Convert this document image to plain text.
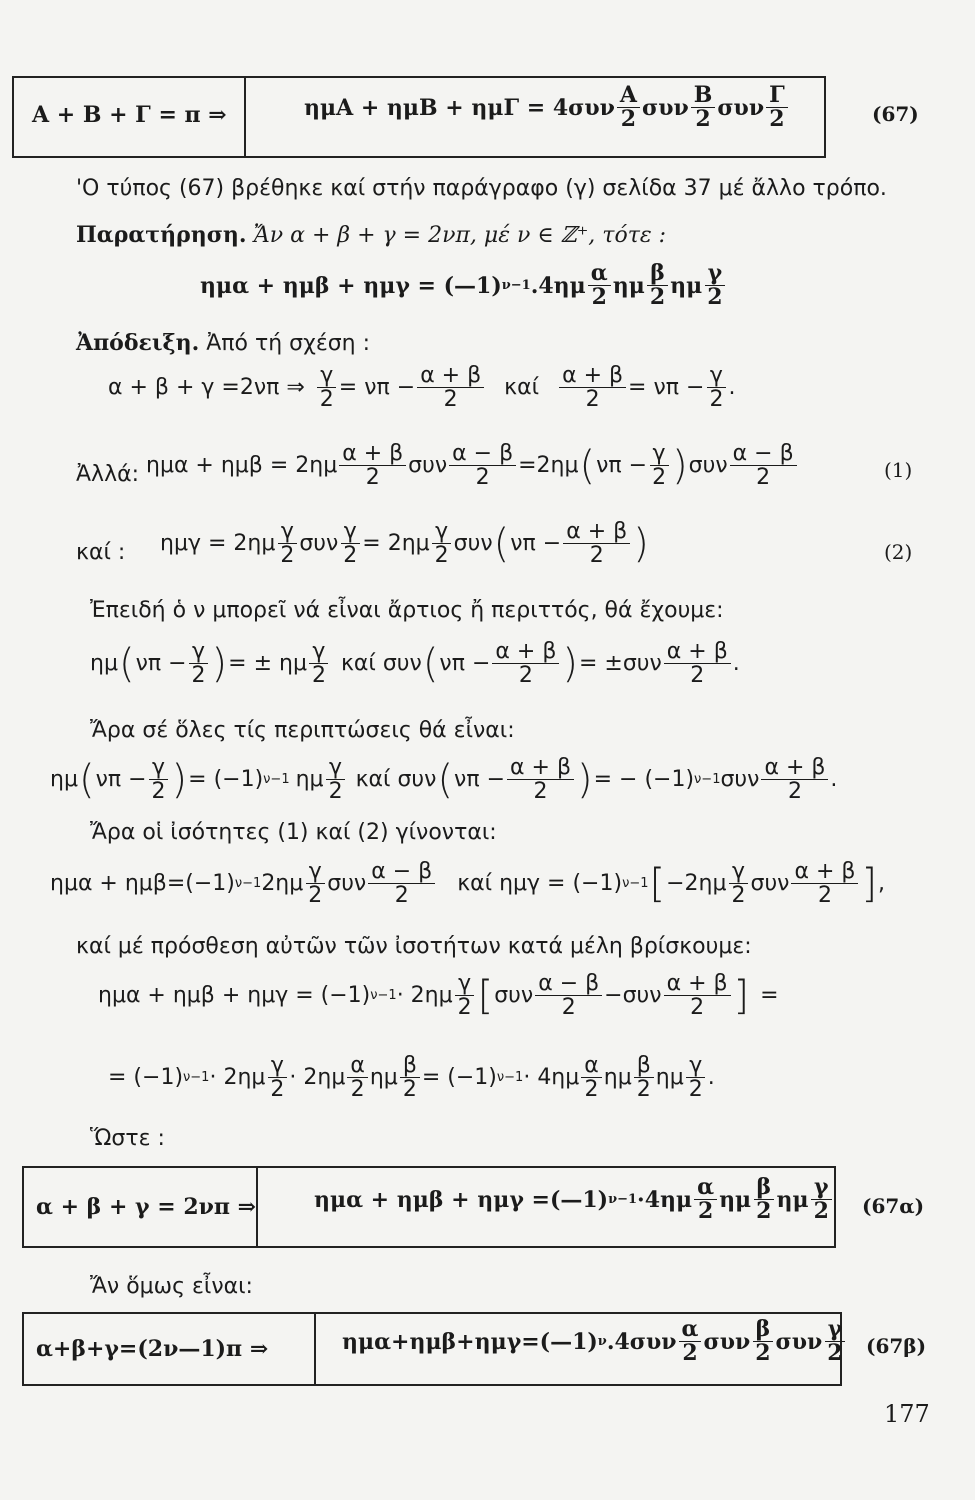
Α + Β + Γ = π ⇒	$\eta\mu A + \eta\mu B + \eta\mu\Gamma = 4\sigma\upsilon\nu \frac{A}{2}$ συν $\frac{B}{2}$ συν $\frac{\Gamma}{2}$	(67)
'Ο τύπος (67) βρέθηκε καί στήν παράγραφο (γ) σελίδα 37 μέ ἄλλο τρόπο.
Παρατήρηση. Ἄν α + β + γ = 2νπ, μέ ν ∈ ℤ⁺, τότε :
ημα + ημβ + ημγ = (—1) ν−1 $.4\eta\mu \frac{\alpha}{2}$ ημ $\frac{\beta}{2}$ ημ $\frac{\gamma}{2}$
Ἀπόδειξη. Ἀπό τή σχέση :
α + β + γ =2νπ ⇒ $\frac{\gamma}{2} = \nu\pi - \frac{\alpha + \beta}{2}$ καί $\frac{\alpha + \beta}{2} = \nu\pi - \frac{\gamma}{2}$ .
Ἀλλά: $\eta\mu\alpha + \eta\mu\beta = 2\eta\mu \frac{\alpha + \beta}{2}$ συν $\frac{\alpha - \beta}{2} =2\eta\mu$ ( $\nu\pi - \frac{\gamma}{2}$ ) συν $\frac{\alpha - \beta}{2}$	(1)
καί : $\eta\mu\gamma = 2\eta\mu \frac{\gamma}{2}$ συν $\frac{\gamma}{2} = 2\eta\mu \frac{\gamma}{2}$ συν ( $\nu\pi - \frac{\alpha + \beta}{2}$ )	(2)
Ἐπειδή ὁ ν μπορεῖ νά εἶναι ἄρτιος ἤ περιττός, θά ἔχουμε:
ημ ( $\nu\pi - \frac{\gamma}{2}$ ) = ± ημ $\frac{\gamma}{2}$ καί συν ( $\nu\pi - \frac{\alpha + \beta}{2}$ ) = $\pm\sigma\upsilon\nu \frac{\alpha + \beta}{2}$ .
Ἄρα σέ ὅλες τίς περιπτώσεις θά εἶναι:
ημ ( $\nu\pi - \frac{\gamma}{2}$ ) = (−1) ν−1 ημ $\frac{\gamma}{2}$ καί συν ( $\nu\pi - \frac{\alpha + \beta}{2}$ ) = − (−1) ν−1 συν $\frac{\alpha + \beta}{2}$ .
Ἄρα οἱ ἰσότητες (1) καί (2) γίνονται:
ημα + ημβ=(−1) ν−1 $2\eta\mu \frac{\gamma}{2}$ συν $\frac{\alpha - \beta}{2}$ καί ημγ = (−1) ν−1 [ $-2\eta\mu \frac{\gamma}{2}$ συν $\frac{\alpha + \beta}{2}$ ] ,
καί μέ πρόσθεση αὐτῶν τῶν ἰσοτήτων κατά μέλη βρίσκουμε:
ημα + ημβ + ημγ = (−1) $\nu-1 \cdot 2\eta\mu \frac{\gamma}{2}$ [ συν $\frac{\alpha - \beta}{2} -\sigma\upsilon\nu \frac{\alpha + \beta}{2}$ ] =
= (−1) $\nu-1 \cdot 2\eta\mu \frac{\gamma}{2} \cdot 2\eta\mu \frac{\alpha}{2}$ ημ $\frac{\beta}{2} = (-1) \nu-1 \cdot 4\eta\mu \frac{\alpha}{2}$ ημ $\frac{\beta}{2}$ ημ $\frac{\gamma}{2}$ .
Ὥστε :
α + β + γ = 2νπ ⇒	ημα + ημβ + ημγ =(—1) $\nu-1 \cdot 4\eta\mu \frac{\alpha}{2}$ ημ $\frac{\beta}{2}$ ημ $\frac{\gamma}{2} (67\alpha)$
Ἄν ὅμως εἶναι:
α+β+γ=(2ν—1)π ⇒	ημα+ημβ+ημγ=(—1) ν $.4\sigma\upsilon\nu \frac{\alpha}{2}$ συν $\frac{\beta}{2}$ συν $\frac{\gamma}{2} (67\beta)$
177
